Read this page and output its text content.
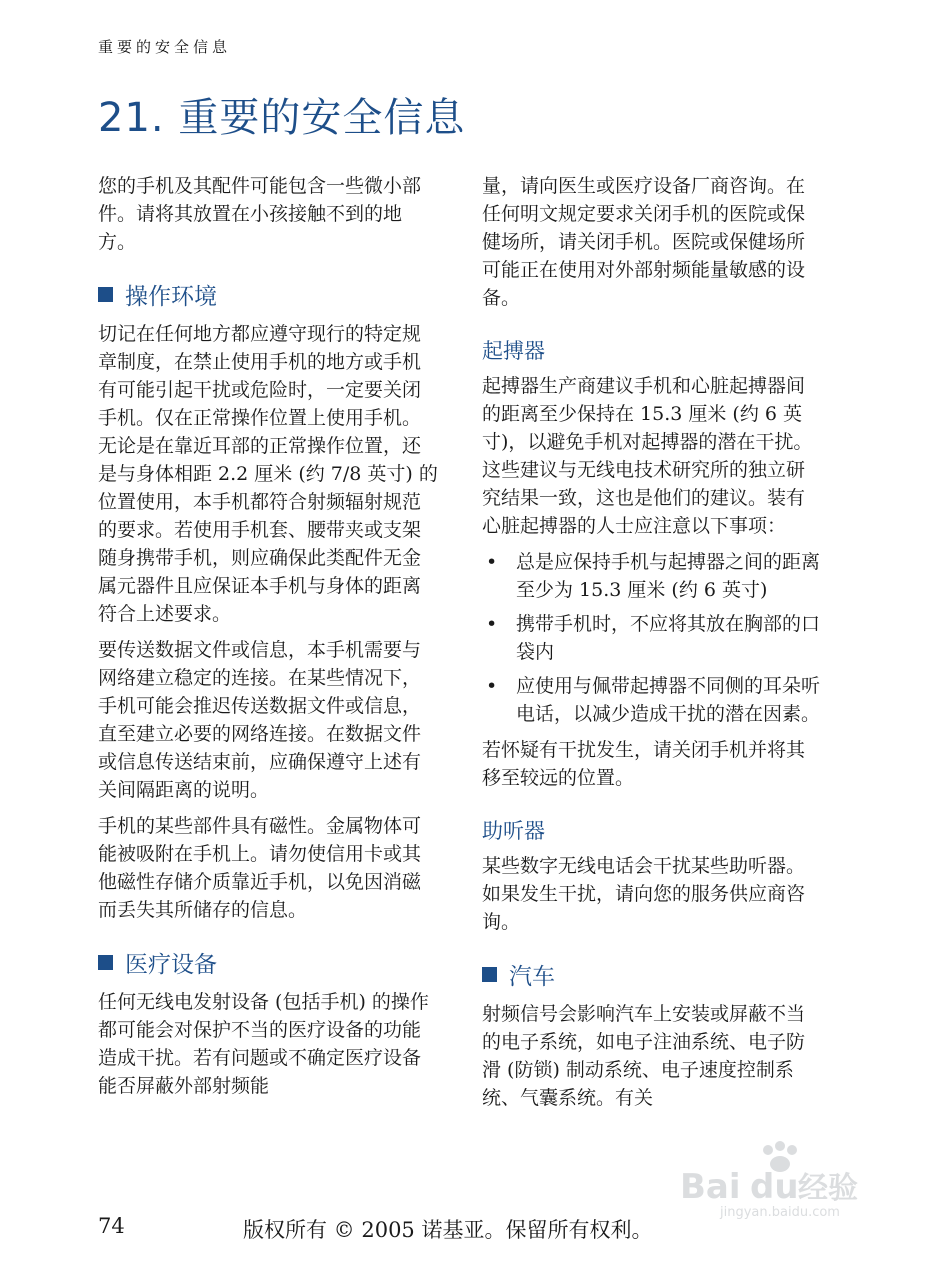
重要的安全信息
21. 重要的安全信息

您的手机及其配件可能包含一些微小部件。请将其放置在小孩接触不到的地方。

操作环境

切记在任何地方都应遵守现行的特定规章制度，在禁止使用手机的地方或手机有可能引起干扰或危险时，一定要关闭手机。仅在正常操作位置上使用手机。无论是在靠近耳部的正常操作位置，还是与身体相距 2.2 厘米 (约 7/8 英寸) 的位置使用，本手机都符合射频辐射规范的要求。若使用手机套、腰带夹或支架随身携带手机，则应确保此类配件无金属元器件且应保证本手机与身体的距离符合上述要求。

要传送数据文件或信息，本手机需要与网络建立稳定的连接。在某些情况下，手机可能会推迟传送数据文件或信息，直至建立必要的网络连接。在数据文件或信息传送结束前，应确保遵守上述有关间隔距离的说明。

手机的某些部件具有磁性。金属物体可能被吸附在手机上。请勿使信用卡或其他磁性存储介质靠近手机，以免因消磁而丢失其所储存的信息。

医疗设备

任何无线电发射设备 (包括手机) 的操作都可能会对保护不当的医疗设备的功能造成干扰。若有问题或不确定医疗设备能否屏蔽外部射频能

量，请向医生或医疗设备厂商咨询。在任何明文规定要求关闭手机的医院或保健场所，请关闭手机。医院或保健场所可能正在使用对外部射频能量敏感的设备。

起搏器

起搏器生产商建议手机和心脏起搏器间的距离至少保持在 15.3 厘米 (约 6 英寸)，以避免手机对起搏器的潜在干扰。这些建议与无线电技术研究所的独立研究结果一致，这也是他们的建议。装有心脏起搏器的人士应注意以下事项：

• 总是应保持手机与起搏器之间的距离至少为 15.3 厘米 (约 6 英寸)
• 携带手机时，不应将其放在胸部的口袋内
• 应使用与佩带起搏器不同侧的耳朵听电话，以减少造成干扰的潜在因素。

若怀疑有干扰发生，请关闭手机并将其移至较远的位置。

助听器

某些数字无线电话会干扰某些助听器。如果发生干扰，请向您的服务供应商咨询。

汽车

射频信号会影响汽车上安装或屏蔽不当的电子系统，如电子注油系统、电子防滑 (防锁) 制动系统、电子速度控制系统、气囊系统。有关

74	版权所有 © 2005 诺基亚。保留所有权利。
Bai du 经验
jingyan.baidu.com
